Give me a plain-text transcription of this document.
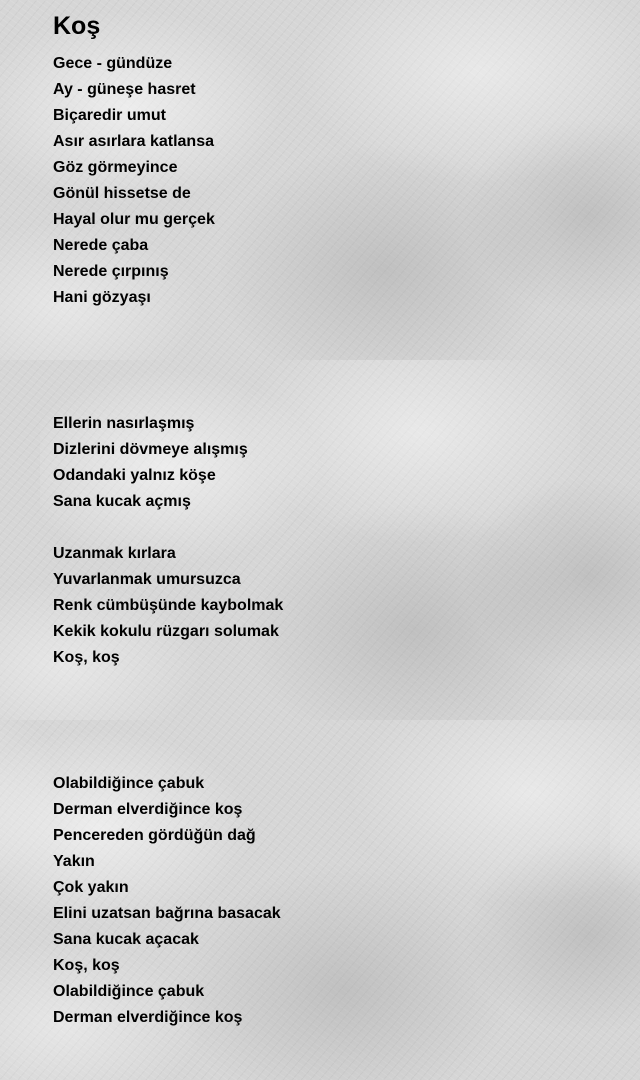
Koş
Gece - gündüze
Ay - güneşe hasret
Biçaredir umut
Asır asırlara katlansa
Göz görmeyince
Gönül hissetse de
Hayal olur mu gerçek
Nerede çaba
Nerede çırpınış
Hani gözyaşı
Ellerin nasırlaşmış
Dizlerini dövmeye alışmış
Odandaki yalnız köşe
Sana kucak açmış
Uzanmak kırlara
Yuvarlanmak umursuzca
Renk cümbüşünde kaybolmak
Kekik kokulu rüzgarı solumak
Koş, koş
Olabildiğince çabuk
Derman elverdiğince koş
Pencereden gördüğün dağ
Yakın
Çok yakın
Elini uzatsan bağrına basacak
Sana kucak açacak
Koş, koş
Olabildiğince çabuk
Derman elverdiğince koş
